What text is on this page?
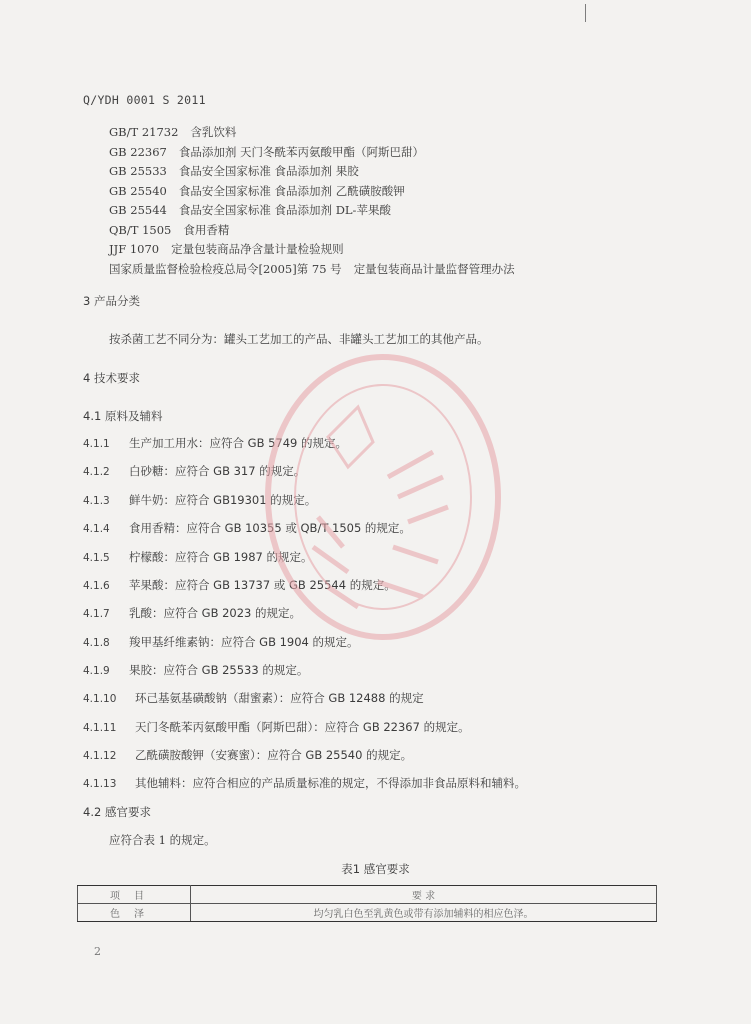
Q/YDH 0001 S 2011
GB/T 21732 含乳饮料
GB 22367 食品添加剂 天门冬酰苯丙氨酸甲酯（阿斯巴甜）
GB 25533 食品安全国家标准 食品添加剂 果胶
GB 25540 食品安全国家标准 食品添加剂 乙酰磺胺酸钾
GB 25544 食品安全国家标准 食品添加剂 DL-苹果酸
QB/T 1505 食用香精
JJF 1070 定量包装商品净含量计量检验规则
国家质量监督检验检疫总局令[2005]第 75 号 定量包装商品计量监督管理办法
3 产品分类
按杀菌工艺不同分为：罐头工艺加工的产品、非罐头工艺加工的其他产品。
4 技术要求
4.1 原料及辅料
4.1.1 生产加工用水：应符合 GB 5749 的规定。
4.1.2 白砂糖：应符合 GB 317 的规定。
4.1.3 鲜牛奶：应符合 GB19301 的规定。
4.1.4 食用香精：应符合 GB 10355 或 QB/T 1505 的规定。
4.1.5 柠檬酸：应符合 GB 1987 的规定。
4.1.6 苹果酸：应符合 GB 13737 或 GB 25544 的规定。
4.1.7 乳酸：应符合 GB 2023 的规定。
4.1.8 羧甲基纤维素钠：应符合 GB 1904 的规定。
4.1.9 果胶：应符合 GB 25533 的规定。
4.1.10 环己基氨基磺酸钠（甜蜜素）：应符合 GB 12488 的规定
4.1.11 天门冬酰苯丙氨酸甲酯（阿斯巴甜）：应符合 GB 22367 的规定。
4.1.12 乙酰磺胺酸钾（安赛蜜）：应符合 GB 25540 的规定。
4.1.13 其他辅料：应符合相应的产品质量标准的规定，不得添加非食品原料和辅料。
4.2 感官要求
应符合表 1 的规定。
表1 感官要求
项目	要 求
色泽	均匀乳白色至乳黄色或带有添加辅料的相应色泽。
2
